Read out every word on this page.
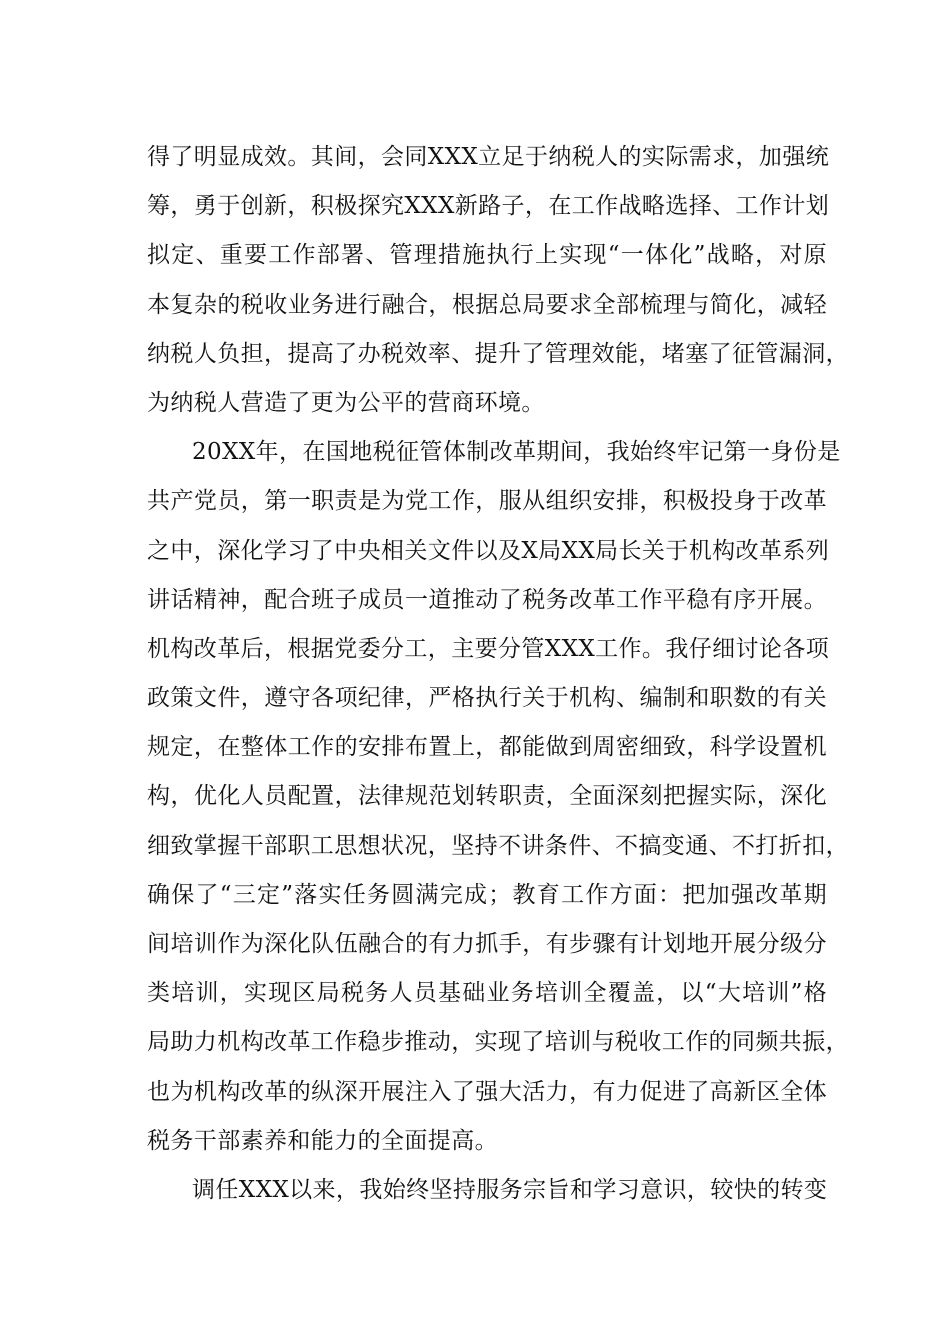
得了明显成效。其间，会同XXX立足于纳税人的实际需求，加强统
筹，勇于创新，积极探究XXX新路子，在工作战略选择、工作计划
拟定、重要工作部署、管理措施执行上实现“一体化”战略，对原
本复杂的税收业务进行融合，根据总局要求全部梳理与简化，减轻
纳税人负担，提高了办税效率、提升了管理效能，堵塞了征管漏洞，
为纳税人营造了更为公平的营商环境。
20XX年，在国地税征管体制改革期间，我始终牢记第一身份是
共产党员，第一职责是为党工作，服从组织安排，积极投身于改革
之中，深化学习了中央相关文件以及X局XX局长关于机构改革系列
讲话精神，配合班子成员一道推动了税务改革工作平稳有序开展。
机构改革后，根据党委分工，主要分管XXX工作。我仔细讨论各项
政策文件，遵守各项纪律，严格执行关于机构、编制和职数的有关
规定，在整体工作的安排布置上，都能做到周密细致，科学设置机
构，优化人员配置，法律规范划转职责，全面深刻把握实际，深化
细致掌握干部职工思想状况，坚持不讲条件、不搞变通、不打折扣，
确保了“三定”落实任务圆满完成；教育工作方面：把加强改革期
间培训作为深化队伍融合的有力抓手，有步骤有计划地开展分级分
类培训，实现区局税务人员基础业务培训全覆盖，以“大培训”格
局助力机构改革工作稳步推动，实现了培训与税收工作的同频共振，
也为机构改革的纵深开展注入了强大活力，有力促进了高新区全体
税务干部素养和能力的全面提高。
调任XXX以来，我始终坚持服务宗旨和学习意识，较快的转变
